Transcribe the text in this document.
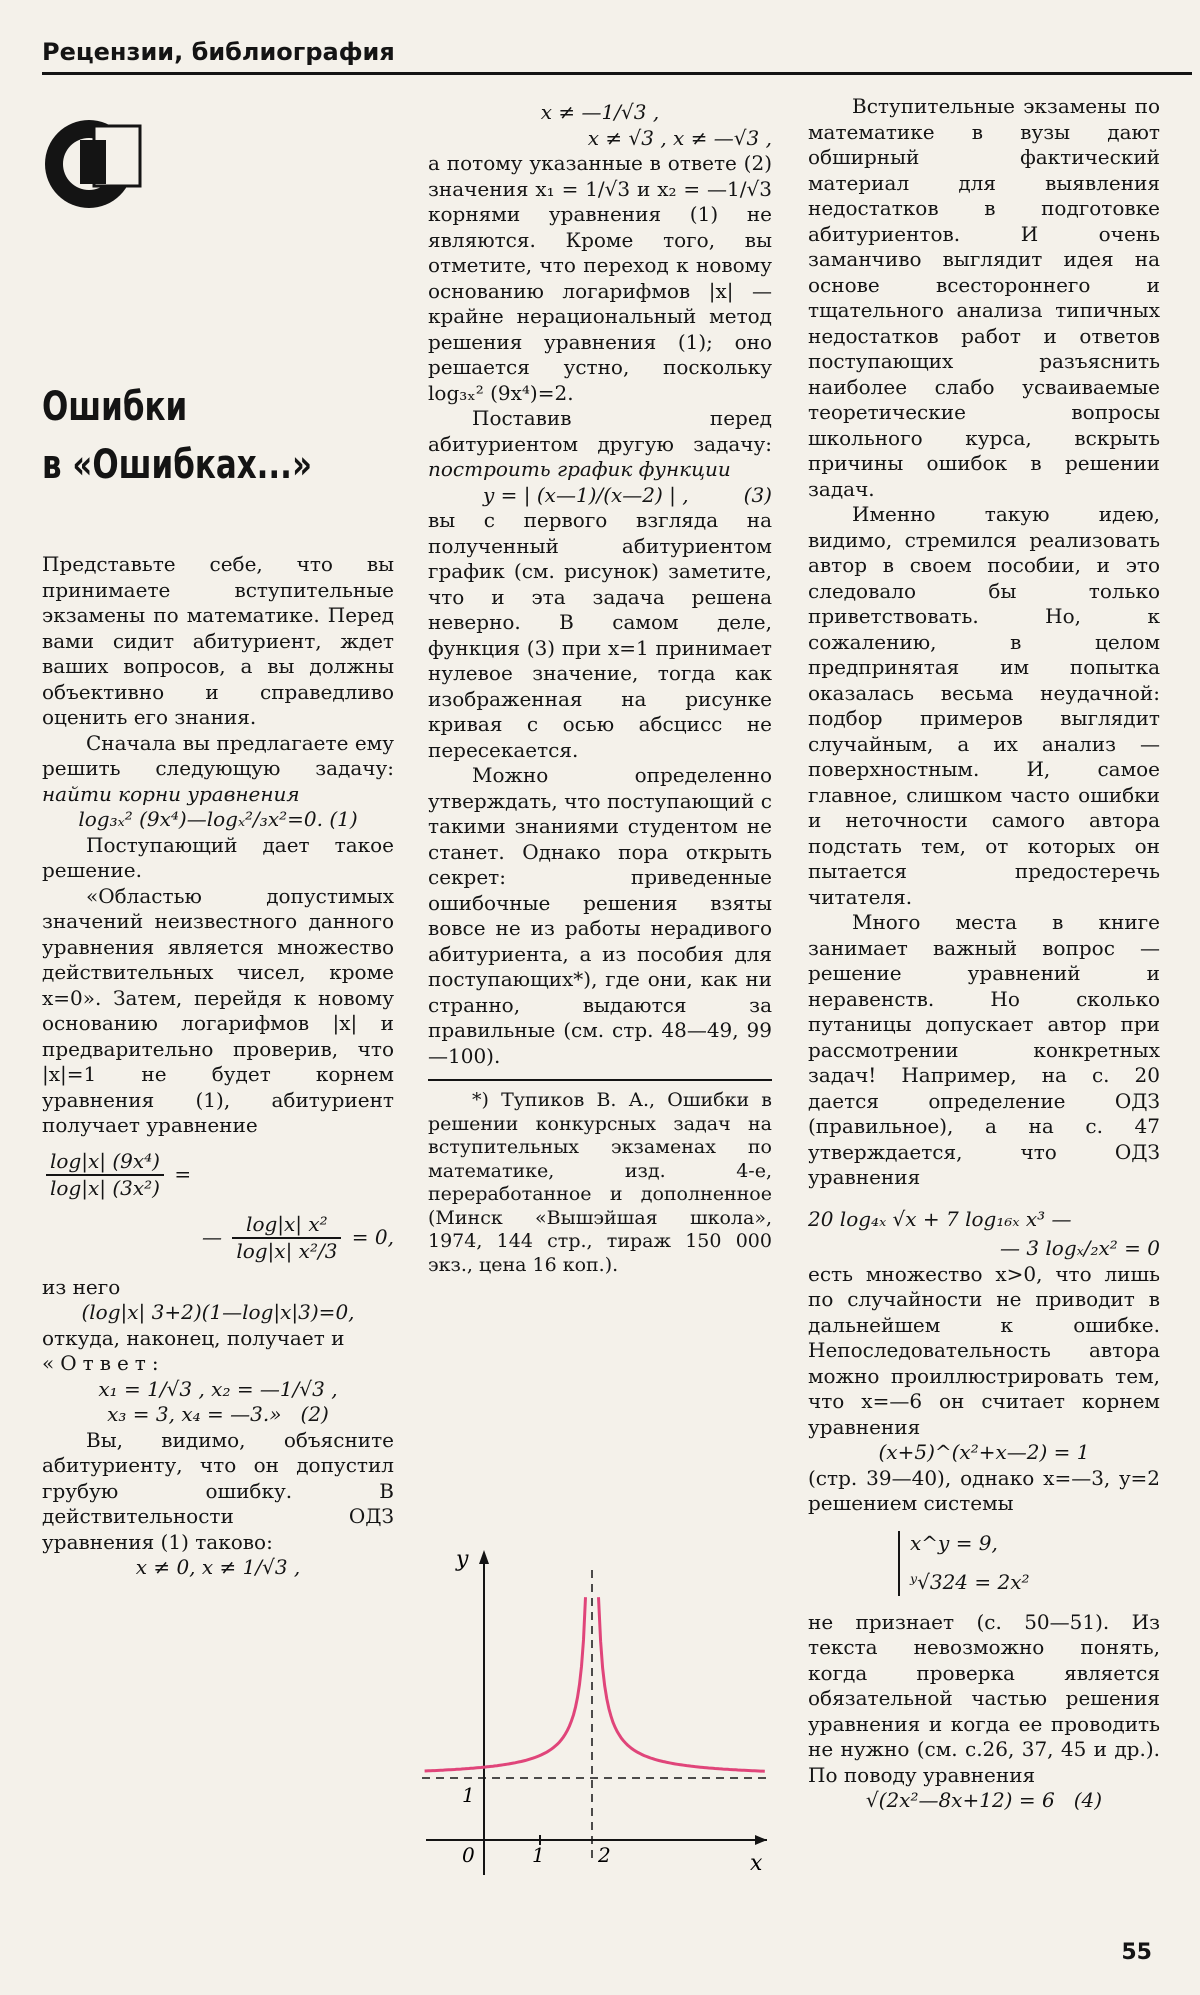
Рецензии, библиография
Ошибки
в «Ошибках...»

Представьте себе, что вы принимаете вступительные экзамены по математике. Перед вами сидит абитуриент, ждет ваших вопросов, а вы должны объективно и справедливо оценить его знания.

Сначала вы предлагаете ему решить следующую задачу: найти корни уравнения

log₃ₓ² (9x⁴)—logₓ²/₃x²=0. (1)

Поступающий дает такое решение.

«Областью допустимых значений неизвестного данного уравнения является множество действительных чисел, кроме x=0». Затем, перейдя к новому основанию логарифмов |x| и предварительно проверив, что |x|=1 не будет корнем уравнения (1), абитуриент получает уравнение

$\frac{\text{log|x| (9x⁴)}}{\text{log|x| (3x²)}}$ =
— $\frac{\text{log|x| x²}}{\text{log|x| x²/3}} = 0$,

из него

(log|x| 3+2)(1—log|x|3)=0,

откуда, наконец, получает и

«Ответ:

x₁ = 1/√3 , x₂ = —1/√3 ,

x₃ = 3, x₄ = —3.» (2)

Вы, видимо, объясните абитуриенту, что он допустил грубую ошибку. В действительности ОДЗ уравнения (1) таково:

x ≠ 0, x ≠ 1/√3 ,

x ≠ —1/√3 ,

x ≠ √3 , x ≠ —√3 ,

а потому указанные в ответе (2) значения x₁ = 1/√3 и x₂ = —1/√3 корнями уравнения (1) не являются. Кроме того, вы отметите, что переход к новому основанию логарифмов |x| — крайне нерациональный метод решения уравнения (1); оно решается устно, поскольку log₃ₓ² (9x⁴)=2.

Поставив перед абитуриентом другую задачу: построить график функции

y = | (x—1)/(x—2) | ,	(3)

вы с первого взгляда на полученный абитуриентом график (см. рисунок) заметите, что и эта задача решена неверно. В самом деле, функция (3) при x=1 принимает нулевое значение, тогда как изображенная на рисунке кривая с осью абсцисс не пересекается.

Можно определенно утверждать, что поступающий с такими знаниями студентом не станет. Однако пора открыть секрет: приведенные ошибочные решения взяты вовсе не из работы нерадивого абитуриента, а из пособия для поступающих*), где они, как ни странно, выдаются за правильные (см. стр. 48—49, 99—100).

*) Тупиков В. А., Ошибки в решении конкурсных задач на вступительных экзаменах по математике, изд. 4-е, переработанное и дополненное (Минск «Вышэйшая школа», 1974, 144 стр., тираж 150 000 экз., цена 16 коп.).

y
x
0	1	2
1

Вступительные экзамены по математике в вузы дают обширный фактический материал для выявления недостатков в подготовке абитуриентов. И очень заманчиво выглядит идея на основе всестороннего и тщательного анализа типичных недостатков работ и ответов поступающих разъяснить наиболее слабо усваиваемые теоретические вопросы школьного курса, вскрыть причины ошибок в решении задач.

Именно такую идею, видимо, стремился реализовать автор в своем пособии, и это следовало бы только приветствовать. Но, к сожалению, в целом предпринятая им попытка оказалась весьма неудачной: подбор примеров выглядит случайным, а их анализ — поверхностным. И, самое главное, слишком часто ошибки и неточности самого автора подстать тем, от которых он пытается предостеречь читателя.

Много места в книге занимает важный вопрос — решение уравнений и неравенств. Но сколько путаницы допускает автор при рассмотрении конкретных задач! Например, на с. 20 дается определение ОДЗ (правильное), а на с. 47 утверждается, что ОДЗ уравнения

20 log₄ₓ √x + 7 log₁₆ₓ x³ —

— 3 logₓ/₂x² = 0

есть множество x>0, что лишь по случайности не приводит в дальнейшем к ошибке. Непоследовательность автора можно проиллюстрировать тем, что x=—6 он считает корнем уравнения

(x+5)^(x²+x—2) = 1

(стр. 39—40), однако x=—3, y=2 решением системы

x^y = 9,
ʸ√324 = 2x²

не признает (с. 50—51). Из текста невозможно понять, когда проверка является обязательной частью решения уравнения и когда ее проводить не нужно (см. с.26, 37, 45 и др.). По поводу уравнения

√(2x²—8x+12) = 6 (4)

55
